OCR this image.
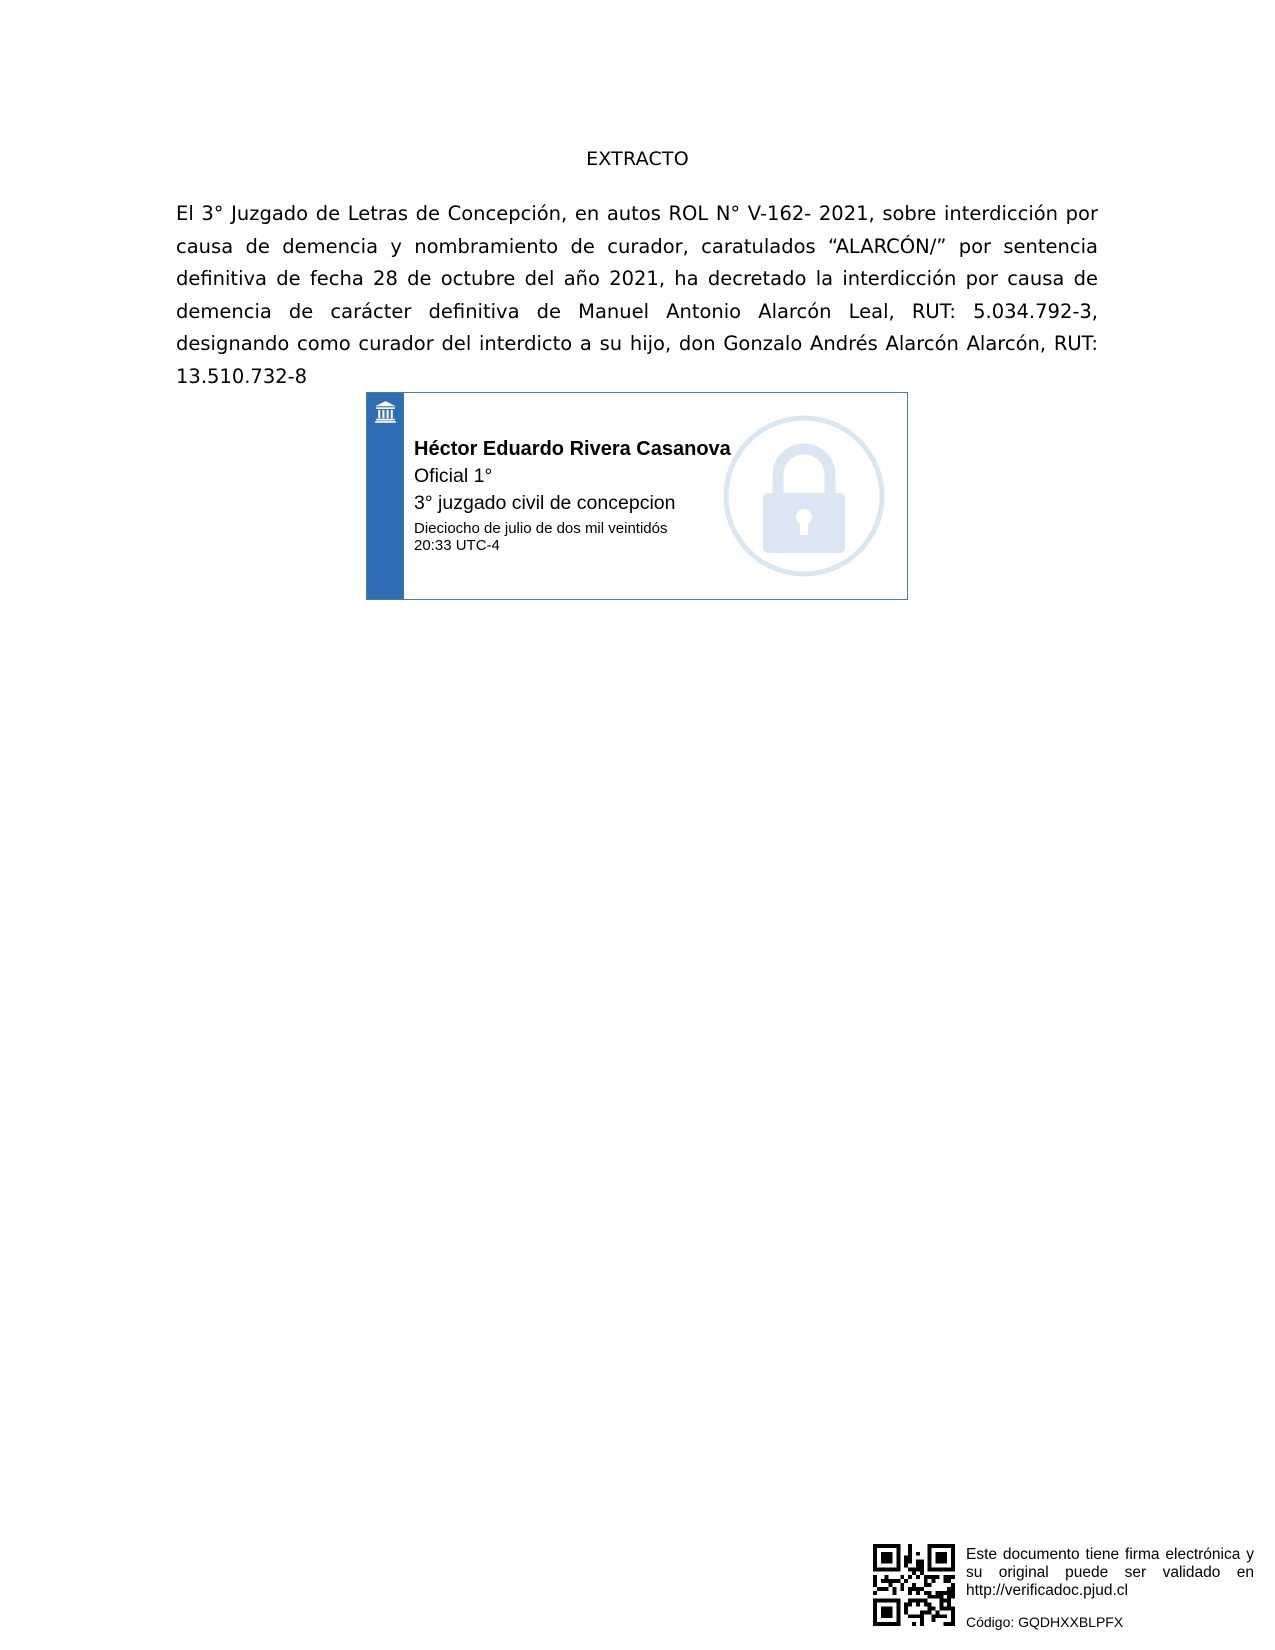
EXTRACTO

El 3° Juzgado de Letras de Concepción, en autos ROL N° V-162- 2021, sobre interdicción por causa de demencia y nombramiento de curador, caratulados “ALARCÓN/” por sentencia definitiva de fecha 28 de octubre del año 2021, ha decretado la interdicción por causa de demencia de carácter definitiva de Manuel Antonio Alarcón Leal, RUT: 5.034.792-3, designando como curador del interdicto a su hijo, don Gonzalo Andrés Alarcón Alarcón, RUT: 13.510.732-8

Héctor Eduardo Rivera Casanova

Oficial 1°

3° juzgado civil de concepcion

Dieciocho de julio de dos mil veintidós

20:33 UTC-4

Este documento tiene firma electrónica y su original puede ser validado en http://verificadoc.pjud.cl

Código: GQDHXXBLPFX
